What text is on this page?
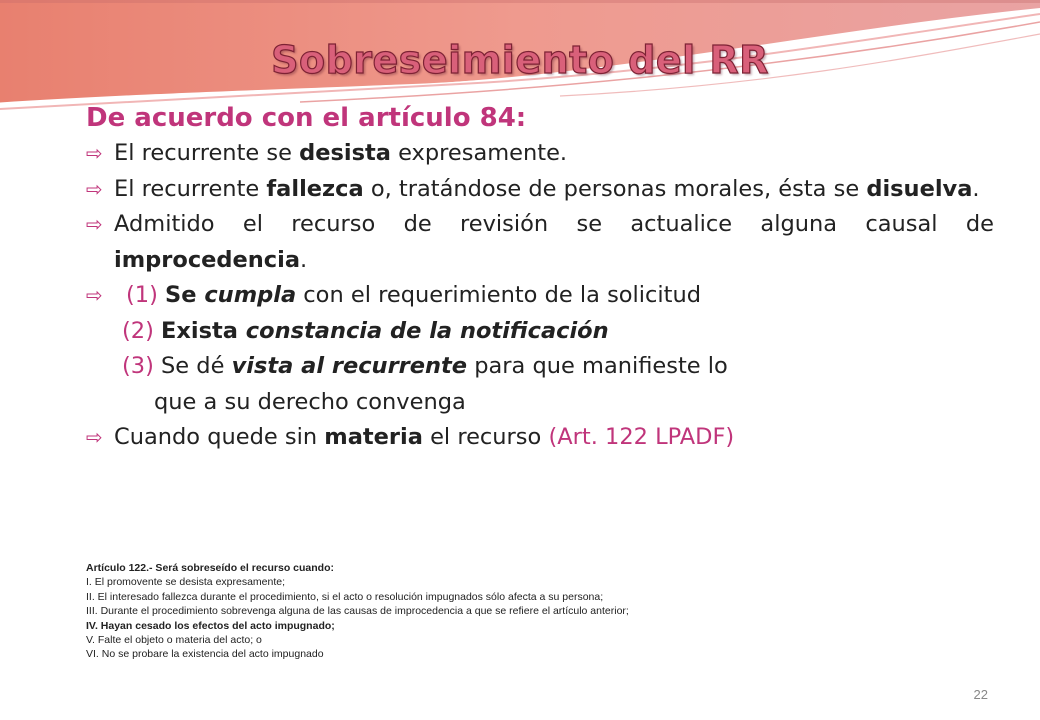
Sobreseimiento del RR
De acuerdo con el artículo 84:
⇨ El recurrente se desista expresamente.
⇨ El recurrente fallezca o, tratándose de personas morales, ésta se disuelva.
⇨ Admitido el recurso de revisión se actualice alguna causal de improcedencia.
⇨ (1) Se cumpla con el requerimiento de la solicitud
(2) Exista constancia de la notificación
(3) Se dé vista al recurrente para que manifieste lo
que a su derecho convenga
⇨ Cuando quede sin materia el recurso (Art. 122 LPADF)
Artículo 122.- Será sobreseído el recurso cuando:
I. El promovente se desista expresamente;
II. El interesado fallezca durante el procedimiento, si el acto o resolución impugnados sólo afecta a su persona;
III. Durante el procedimiento sobrevenga alguna de las causas de improcedencia a que se refiere el artículo anterior;
IV. Hayan cesado los efectos del acto impugnado;
V. Falte el objeto o materia del acto; o
VI. No se probare la existencia del acto impugnado
22
